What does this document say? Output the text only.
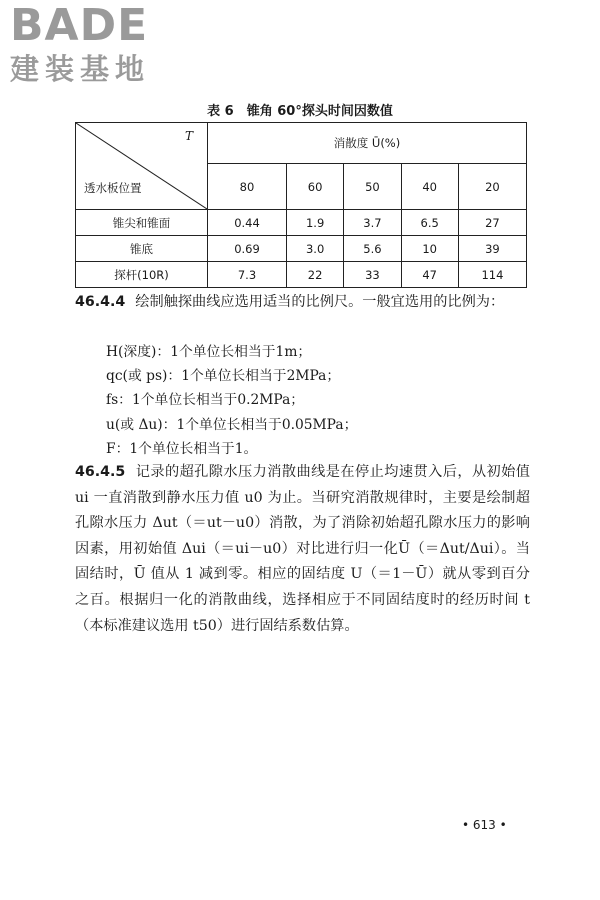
BADE
建装基地
表 6　锥角 60°探头时间因数值
T
透水板位置	消散度 Ū(%)				
	80	60	50	40	20
锥尖和锥面	0.44	1.9	3.7	6.5	27
锥底	0.69	3.0	5.6	10	39
探杆(10R)	7.3	22	33	47	114
46.4.4 绘制触探曲线应选用适当的比例尺。一般宜选用的比例为：
H(深度)：1个单位长相当于1m；
qc(或 ps)：1个单位长相当于2MPa；
fs：1个单位长相当于0.2MPa；
u(或 Δu)：1个单位长相当于0.05MPa；
F：1个单位长相当于1。
46.4.5 记录的超孔隙水压力消散曲线是在停止均速贯入后，从初始值 ui 一直消散到静水压力值 u0 为止。当研究消散规律时，主要是绘制超孔隙水压力 Δut（＝ut－u0）消散，为了消除初始超孔隙水压力的影响因素，用初始值 Δui（＝ui－u0）对比进行归一化Ū（＝Δut/Δui）。当固结时，Ū 值从 1 减到零。相应的固结度 U（＝1－Ū）就从零到百分之百。根据归一化的消散曲线，选择相应于不同固结度时的经历时间 t（本标准建议选用 t50）进行固结系数估算。
• 613 •
